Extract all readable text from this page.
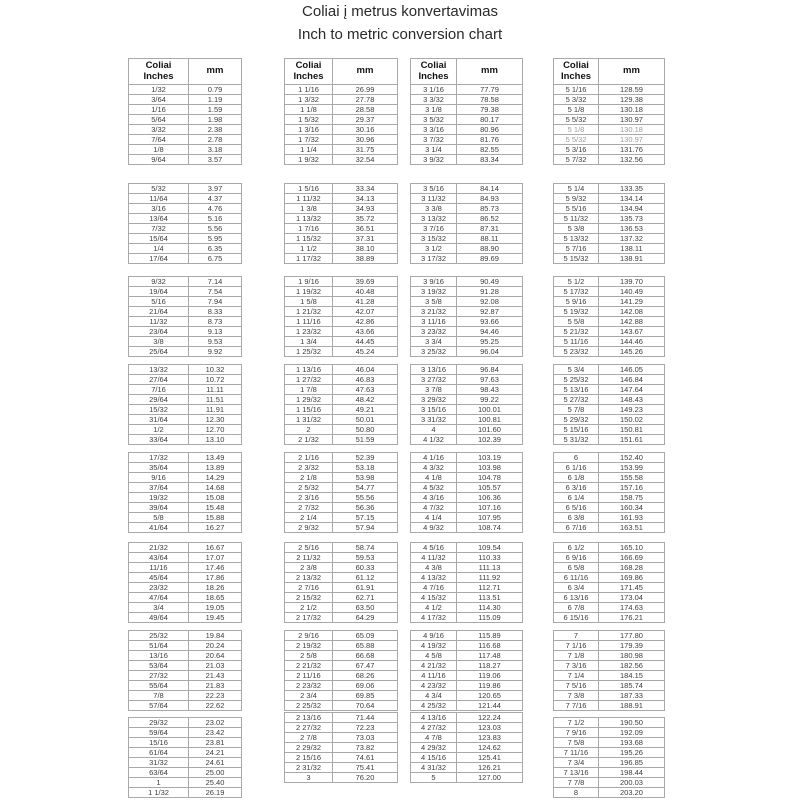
Coliai į metrus konvertavimas
Inch to metric conversion chart
Coliai
Inches	mm
1/32	0.79
3/64	1.19
1/16	1.59
5/64	1.98
3/32	2.38
7/64	2.78
1/8	3.18
9/64	3.57
5/32	3.97
11/64	4.37
3/16	4.76
13/64	5.16
7/32	5.56
15/64	5.95
1/4	6.35
17/64	6.75
9/32	7.14
19/64	7.54
5/16	7.94
21/64	8.33
11/32	8.73
23/64	9.13
3/8	9.53
25/64	9.92
13/32	10.32
27/64	10.72
7/16	11.11
29/64	11.51
15/32	11.91
31/64	12.30
1/2	12.70
33/64	13.10
17/32	13.49
35/64	13.89
9/16	14.29
37/64	14.68
19/32	15.08
39/64	15.48
5/8	15.88
41/64	16.27
21/32	16.67
43/64	17.07
11/16	17.46
45/64	17.86
23/32	18.26
47/64	18.65
3/4	19.05
49/64	19.45
25/32	19.84
51/64	20.24
13/16	20.64
53/64	21.03
27/32	21.43
55/64	21.83
7/8	22.23
57/64	22.62
29/32	23.02
59/64	23.42
15/16	23.81
61/64	24.21
31/32	24.61
63/64	25.00
1	25.40
1 1/32	26.19
Coliai
Inches	mm
1 1/16	26.99
1 3/32	27.78
1 1/8	28.58
1 5/32	29.37
1 3/16	30.16
1 7/32	30.96
1 1/4	31.75
1 9/32	32.54
1 5/16	33.34
1 11/32	34.13
1 3/8	34.93
1 13/32	35.72
1 7/16	36.51
1 15/32	37.31
1 1/2	38.10
1 17/32	38.89
1 9/16	39.69
1 19/32	40.48
1 5/8	41.28
1 21/32	42.07
1 11/16	42.86
1 23/32	43.66
1 3/4	44.45
1 25/32	45.24
1 13/16	46.04
1 27/32	46.83
1 7/8	47.63
1 29/32	48.42
1 15/16	49.21
1 31/32	50.01
2	50.80
2 1/32	51.59
2 1/16	52.39
2 3/32	53.18
2 1/8	53.98
2 5/32	54.77
2 3/16	55.56
2 7/32	56.36
2 1/4	57.15
2 9/32	57.94
2 5/16	58.74
2 11/32	59.53
2 3/8	60.33
2 13/32	61.12
2 7/16	61.91
2 15/32	62.71
2 1/2	63.50
2 17/32	64.29
2 9/16	65.09
2 19/32	65.88
2 5/8	66.68
2 21/32	67.47
2 11/16	68.26
2 23/32	69.06
2 3/4	69.85
2 25/32	70.64
2 13/16	71.44
2 27/32	72.23
2 7/8	73.03
2 29/32	73.82
2 15/16	74.61
2 31/32	75.41
3	76.20
Coliai
Inches	mm
3 1/16	77.79
3 3/32	78.58
3 1/8	79.38
3 5/32	80.17
3 3/16	80.96
3 7/32	81.76
3 1/4	82.55
3 9/32	83.34
3 5/16	84.14
3 11/32	84.93
3 3/8	85.73
3 13/32	86.52
3 7/16	87.31
3 15/32	88.11
3 1/2	88.90
3 17/32	89.69
3 9/16	90.49
3 19/32	91.28
3 5/8	92.08
3 21/32	92.87
3 11/16	93.66
3 23/32	94.46
3 3/4	95.25
3 25/32	96.04
3 13/16	96.84
3 27/32	97.63
3 7/8	98.43
3 29/32	99.22
3 15/16	100.01
3 31/32	100.81
4	101.60
4 1/32	102.39
4 1/16	103.19
4 3/32	103.98
4 1/8	104.78
4 5/32	105.57
4 3/16	106.36
4 7/32	107.16
4 1/4	107.95
4 9/32	108.74
4 5/16	109.54
4 11/32	110.33
4 3/8	111.13
4 13/32	111.92
4 7/16	112.71
4 15/32	113.51
4 1/2	114.30
4 17/32	115.09
4 9/16	115.89
4 19/32	116.68
4 5/8	117.48
4 21/32	118.27
4 11/16	119.06
4 23/32	119.86
4 3/4	120.65
4 25/32	121.44
4 13/16	122.24
4 27/32	123.03
4 7/8	123.83
4 29/32	124.62
4 15/16	125.41
4 31/32	126.21
5	127.00
Coliai
Inches	mm
5 1/16	128.59
5 3/32	129.38
5 1/8	130.18
5 5/32	130.97
5 1/8	130.18
5 5/32	130.97
5 3/16	131.76
5 7/32	132.56
5 1/4	133.35
5 9/32	134.14
5 5/16	134.94
5 11/32	135.73
5 3/8	136.53
5 13/32	137.32
5 7/16	138.11
5 15/32	138.91
5 1/2	139.70
5 17/32	140.49
5 9/16	141.29
5 19/32	142.08
5 5/8	142.88
5 21/32	143.67
5 11/16	144.46
5 23/32	145.26
5 3/4	146.05
5 25/32	146.84
5 13/16	147.64
5 27/32	148.43
5 7/8	149.23
5 29/32	150.02
5 15/16	150.81
5 31/32	151.61
6	152.40
6 1/16	153.99
6 1/8	155.58
6 3/16	157.16
6 1/4	158.75
6 5/16	160.34
6 3/8	161.93
6 7/16	163.51
6 1/2	165.10
6 9/16	166.69
6 5/8	168.28
6 11/16	169.86
6 3/4	171.45
6 13/16	173.04
6 7/8	174.63
6 15/16	176.21
7	177.80
7 1/16	179.39
7 1/8	180.98
7 3/16	182.56
7 1/4	184.15
7 5/16	185.74
7 3/8	187.33
7 7/16	188.91
7 1/2	190.50
7 9/16	192.09
7 5/8	193.68
7 11/16	195.26
7 3/4	196.85
7 13/16	198.44
7 7/8	200.03
8	203.20
